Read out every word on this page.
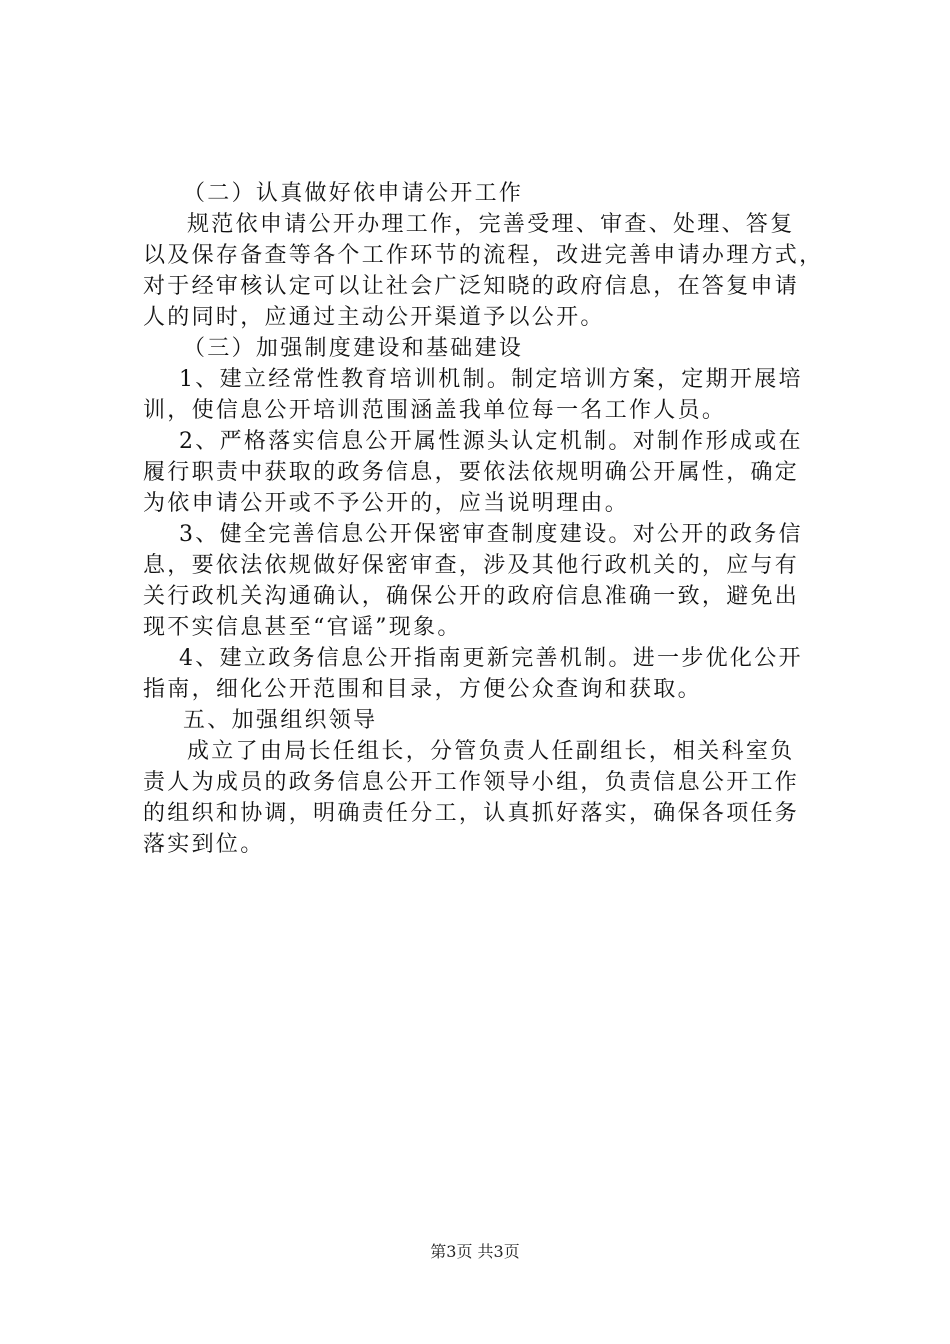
（二）认真做好依申请公开工作
规范依申请公开办理工作，完善受理、审查、处理、答复
以及保存备查等各个工作环节的流程，改进完善申请办理方式，
对于经审核认定可以让社会广泛知晓的政府信息，在答复申请
人的同时，应通过主动公开渠道予以公开。
（三）加强制度建设和基础建设
1、建立经常性教育培训机制。制定培训方案，定期开展培
训，使信息公开培训范围涵盖我单位每一名工作人员。
2、严格落实信息公开属性源头认定机制。对制作形成或在
履行职责中获取的政务信息，要依法依规明确公开属性，确定
为依申请公开或不予公开的，应当说明理由。
3、健全完善信息公开保密审查制度建设。对公开的政务信
息，要依法依规做好保密审查，涉及其他行政机关的，应与有
关行政机关沟通确认，确保公开的政府信息准确一致，避免出
现不实信息甚至“官谣”现象。
4、建立政务信息公开指南更新完善机制。进一步优化公开
指南，细化公开范围和目录，方便公众查询和获取。
五、加强组织领导
成立了由局长任组长，分管负责人任副组长，相关科室负
责人为成员的政务信息公开工作领导小组，负责信息公开工作
的组织和协调，明确责任分工，认真抓好落实，确保各项任务
落实到位。
第3页 共3页
